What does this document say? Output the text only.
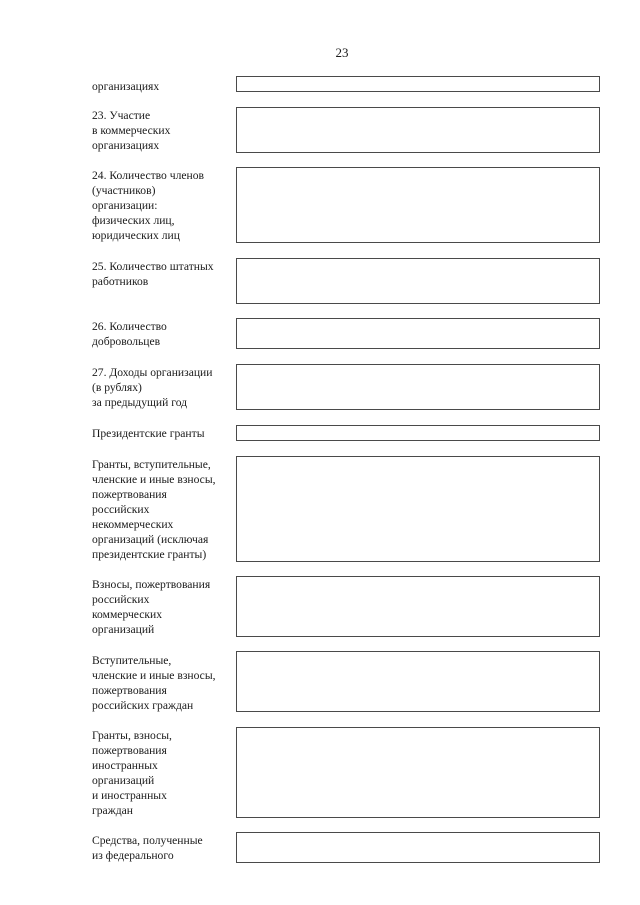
23
организациях
23. Участие
в коммерческих
организациях
24. Количество членов
(участников)
организации:
физических лиц,
юридических лиц
25. Количество штатных
работников
26. Количество
добровольцев
27. Доходы организации
(в рублях)
за предыдущий год
Президентские гранты
Гранты, вступительные,
членские и иные взносы,
пожертвования
российских
некоммерческих
организаций (исключая
президентские гранты)
Взносы, пожертвования
российских
коммерческих
организаций
Вступительные,
членские и иные взносы,
пожертвования
российских граждан
Гранты, взносы,
пожертвования
иностранных
организаций
и иностранных
граждан
Средства, полученные
из федерального
